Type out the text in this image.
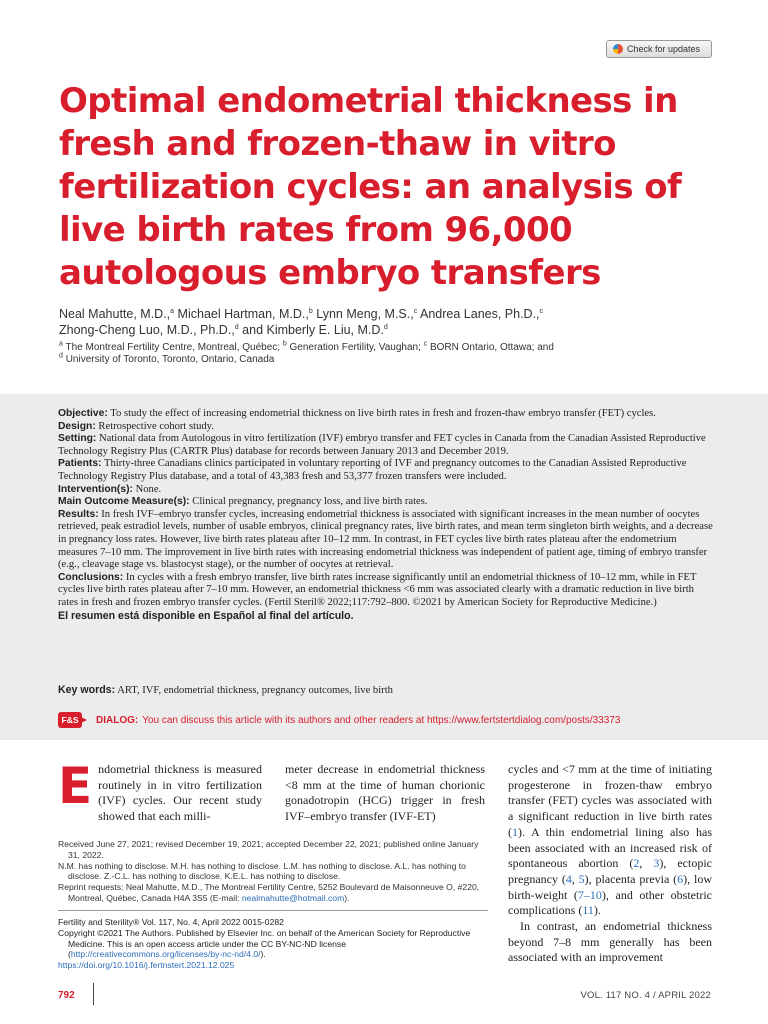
Check for updates
Optimal endometrial thickness in fresh and frozen-thaw in vitro fertilization cycles: an analysis of live birth rates from 96,000 autologous embryo transfers
Neal Mahutte, M.D.,$^a$ Michael Hartman, M.D.,$^b$ Lynn Meng, M.S.,$^c$ Andrea Lanes, Ph.D.,$^c$
Zhong-Cheng Luo, M.D., Ph.D.,$^d$ and Kimberly E. Liu, M.D.$^d$
$^a$ The Montreal Fertility Centre, Montreal, Québec; $^b$ Generation Fertility, Vaughan; $^c$ BORN Ontario, Ottawa; and
$^d$ University of Toronto, Toronto, Ontario, Canada

Objective: To study the effect of increasing endometrial thickness on live birth rates in fresh and frozen-thaw embryo transfer (FET) cycles.

Design: Retrospective cohort study.

Setting: National data from Autologous in vitro fertilization (IVF) embryo transfer and FET cycles in Canada from the Canadian Assisted Reproductive Technology Registry Plus (CARTR Plus) database for records between January 2013 and December 2019.

Patients: Thirty-three Canadians clinics participated in voluntary reporting of IVF and pregnancy outcomes to the Canadian Assisted Reproductive Technology Registry Plus database, and a total of 43,383 fresh and 53,377 frozen transfers were included.

Intervention(s): None.

Main Outcome Measure(s): Clinical pregnancy, pregnancy loss, and live birth rates.

Results: In fresh IVF–embryo transfer cycles, increasing endometrial thickness is associated with significant increases in the mean number of oocytes retrieved, peak estradiol levels, number of usable embryos, clinical pregnancy rates, live birth rates, and mean term singleton birth weights, and a decrease in pregnancy loss rates. However, live birth rates plateau after 10–12 mm. In contrast, in FET cycles live birth rates plateau after the endometrium measures 7–10 mm. The improvement in live birth rates with increasing endometrial thickness was independent of patient age, timing of embryo transfer (e.g., cleavage stage vs. blastocyst stage), or the number of oocytes at retrieval.

Conclusions: In cycles with a fresh embryo transfer, live birth rates increase significantly until an endometrial thickness of 10–12 mm, while in FET cycles live birth rates plateau after 7–10 mm. However, an endometrial thickness <6 mm was associated clearly with a dramatic reduction in live birth rates in fresh and frozen embryo transfer cycles. (Fertil Steril® 2022;117:792–800. ©2021 by American Society for Reproductive Medicine.)

El resumen está disponible en Español al final del artículo.

Key words: ART, IVF, endometrial thickness, pregnancy outcomes, live birth
F&S	DIALOG: You can discuss this article with its authors and other readers at https://www.fertstertdialog.com/posts/33373
Endometrial thickness is measured routinely in in vitro fertilization (IVF) cycles. Our recent study showed that each milli-
meter decrease in endometrial thickness <8 mm at the time of human chorionic gonadotropin (HCG) trigger in fresh IVF–embryo transfer (IVF-ET)
cycles and <7 mm at the time of initiating progesterone in frozen-thaw embryo transfer (FET) cycles was associated with a significant reduction in live birth rates (1). A thin endometrial lining also has been associated with an increased risk of spontaneous abortion (2, 3), ectopic pregnancy (4, 5), placenta previa (6), low birth-weight (7–10), and other obstetric complications (11).
In contrast, an endometrial thickness beyond 7–8 mm generally has been associated with an improvement
Received June 27, 2021; revised December 19, 2021; accepted December 22, 2021; published online January 31, 2022.
N.M. has nothing to disclose. M.H. has nothing to disclose. L.M. has nothing to disclose. A.L. has nothing to disclose. Z.-C.L. has nothing to disclose. K.E.L. has nothing to disclose.
Reprint requests: Neal Mahutte, M.D., The Montreal Fertility Centre, 5252 Boulevard de Maisonneuve O, #220, Montreal, Québec, Canada H4A 3S5 (E-mail: nealmahutte@hotmail.com).
Fertility and Sterility® Vol. 117, No. 4, April 2022 0015-0282
Copyright ©2021 The Authors. Published by Elsevier Inc. on behalf of the American Society for Reproductive Medicine. This is an open access article under the CC BY-NC-ND license (http://creativecommons.org/licenses/by-nc-nd/4.0/).
https://doi.org/10.1016/j.fertnstert.2021.12.025
792	VOL. 117 NO. 4 / APRIL 2022
